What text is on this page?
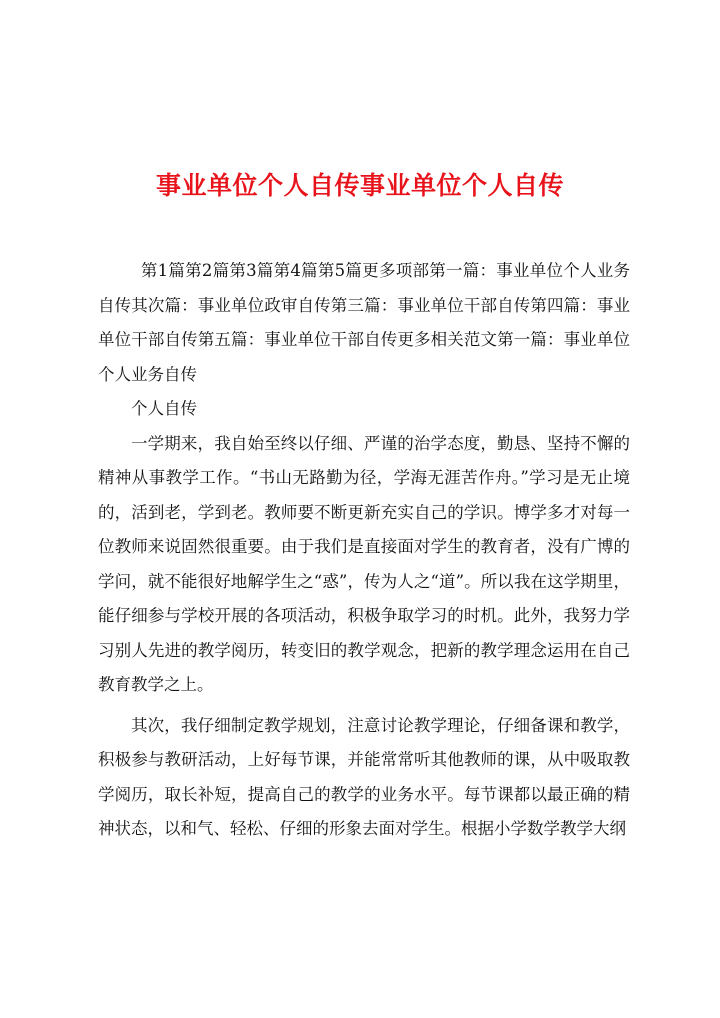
事业单位个人自传事业单位个人自传

第1篇第2篇第3篇第4篇第5篇更多项部第一篇：事业单位个人业务自传其次篇：事业单位政审自传第三篇：事业单位干部自传第四篇：事业单位干部自传第五篇：事业单位干部自传更多相关范文第一篇：事业单位个人业务自传

个人自传

一学期来，我自始至终以仔细、严谨的治学态度，勤恳、坚持不懈的精神从事教学工作。“书山无路勤为径，学海无涯苦作舟。”学习是无止境的，活到老，学到老。教师要不断更新充实自己的学识。博学多才对每一位教师来说固然很重要。由于我们是直接面对学生的教育者，没有广博的学问，就不能很好地解学生之“惑”，传为人之“道”。所以我在这学期里，能仔细参与学校开展的各项活动，积极争取学习的时机。此外，我努力学习别人先进的教学阅历，转变旧的教学观念，把新的教学理念运用在自己教育教学之上。

其次，我仔细制定教学规划，注意讨论教学理论，仔细备课和教学，积极参与教研活动，上好每节课，并能常常听其他教师的课，从中吸取教学阅历，取长补短，提高自己的教学的业务水平。每节课都以最正确的精神状态，以和气、轻松、仔细的形象去面对学生。根据小学数学教学大纲
